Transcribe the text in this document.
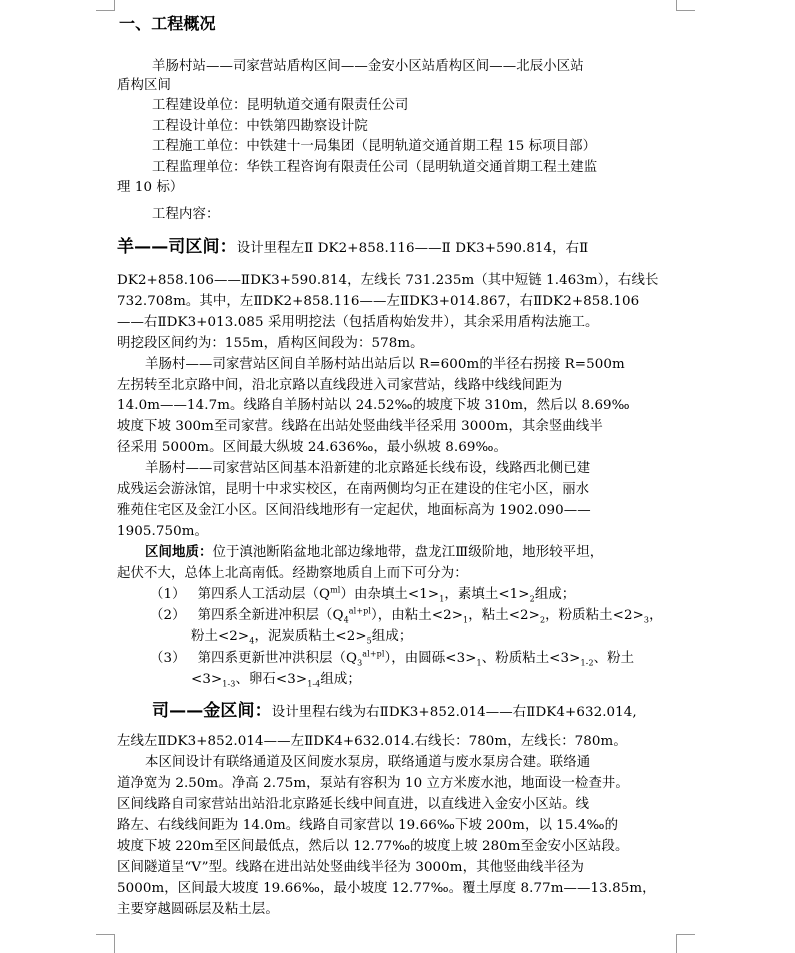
一、工程概况
羊肠村站——司家营站盾构区间——金安小区站盾构区间——北辰小区站
盾构区间
工程建设单位：昆明轨道交通有限责任公司
工程设计单位：中铁第四勘察设计院
工程施工单位：中铁建十一局集团（昆明轨道交通首期工程 15 标项目部）
工程监理单位：华铁工程咨询有限责任公司（昆明轨道交通首期工程土建监
理 10 标）
工程内容：
羊——司区间：设计里程左Ⅱ DK2+858.116——Ⅱ DK3+590.814，右Ⅱ
DK2+858.106——ⅡDK3+590.814，左线长 731.235m（其中短链 1.463m），右线长
732.708m。其中，左ⅡDK2+858.116——左ⅡDK3+014.867，右ⅡDK2+858.106
——右ⅡDK3+013.085 采用明挖法（包括盾构始发井），其余采用盾构法施工。
明挖段区间约为：155m，盾构区间段为：578m。
羊肠村——司家营站区间自羊肠村站出站后以 R=600m的半径右拐接 R=500m
左拐转至北京路中间，沿北京路以直线段进入司家营站，线路中线线间距为
14.0m——14.7m。线路自羊肠村站以 24.52‰的坡度下坡 310m，然后以 8.69‰
坡度下坡 300m至司家营。线路在出站处竖曲线半径采用 3000m，其余竖曲线半
径采用 5000m。区间最大纵坡 24.636‰，最小纵坡 8.69‰。
羊肠村——司家营站区间基本沿新建的北京路延长线布设，线路西北侧已建
成残运会游泳馆，昆明十中求实校区，在南两侧均匀正在建设的住宅小区，丽水
雅苑住宅区及金江小区。区间沿线地形有一定起伏，地面标高为 1902.090——
1905.750m。
区间地质：位于滇池断陷盆地北部边缘地带，盘龙江Ⅲ级阶地，地形较平坦，
起伏不大，总体上北高南低。经勘察地质自上而下可分为：
（1） 第四系人工活动层$(Q^{ml})$由杂填土$<1>_1$，素填土$<1>_2$组成；
（2） 第四系全新进冲积层$(Q_4^{al+pl})$，由粘土$<2>_1$，粘土$<2>_2$，粉质粘土$<2>_3$，
粉土$<2>_4$，泥炭质粘土$<2>_5$组成；
（3） 第四系更新世冲洪积层$(Q_3^{al+pl})$，由圆砾$<3>_1$、粉质粘土$<3>_{1-2}$、粉土
$<3>_{1-3}$、卵石$<3>_{1-4}$组成；
司——金区间：设计里程右线为右ⅡDK3+852.014——右ⅡDK4+632.014,
左线左ⅡDK3+852.014——左ⅡDK4+632.014.右线长：780m，左线长：780m。
本区间设计有联络通道及区间废水泵房，联络通道与废水泵房合建。联络通
道净宽为 2.50m。净高 2.75m，泵站有容积为 10 立方米废水池，地面设一检查井。
区间线路自司家营站出站沿北京路延长线中间直进，以直线进入金安小区站。线
路左、右线线间距为 14.0m。线路自司家营以 19.66‰下坡 200m，以 15.4‰的
坡度下坡 220m至区间最低点，然后以 12.77‰的坡度上坡 280m至金安小区站段。
区间隧道呈“V”型。线路在进出站处竖曲线半径为 3000m，其他竖曲线半径为
5000m，区间最大坡度 19.66‰，最小坡度 12.77‰。覆土厚度 8.77m——13.85m，
主要穿越圆砾层及粘土层。
